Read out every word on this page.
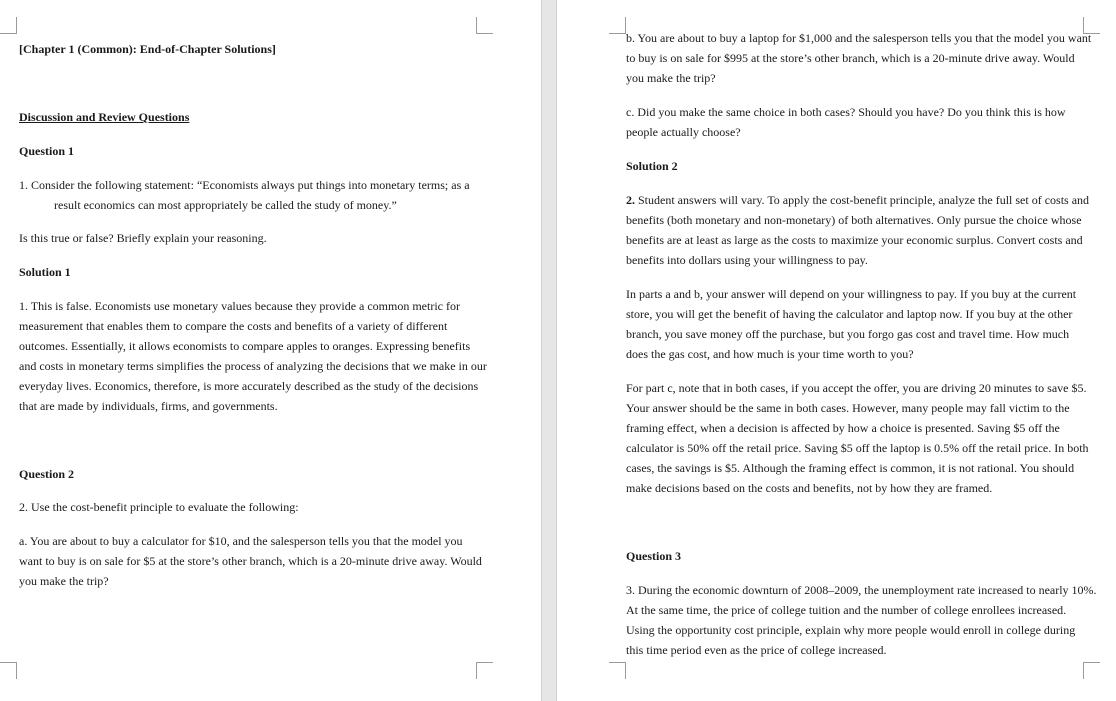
[Chapter 1 (Common): End-of-Chapter Solutions]
Discussion and Review Questions
Question 1
1. Consider the following statement: “Economists always put things into monetary terms; as a
result economics can most appropriately be called the study of money.”
Is this true or false? Briefly explain your reasoning.
Solution 1
1. This is false. Economists use monetary values because they provide a common metric for
measurement that enables them to compare the costs and benefits of a variety of different
outcomes. Essentially, it allows economists to compare apples to oranges. Expressing benefits
and costs in monetary terms simplifies the process of analyzing the decisions that we make in our
everyday lives. Economics, therefore, is more accurately described as the study of the decisions
that are made by individuals, firms, and governments.
Question 2
2. Use the cost-benefit principle to evaluate the following:
a. You are about to buy a calculator for $10, and the salesperson tells you that the model you
want to buy is on sale for $5 at the store’s other branch, which is a 20-minute drive away. Would
you make the trip?
b. You are about to buy a laptop for $1,000 and the salesperson tells you that the model you want
to buy is on sale for $995 at the store’s other branch, which is a 20-minute drive away. Would
you make the trip?
c. Did you make the same choice in both cases? Should you have? Do you think this is how
people actually choose?
Solution 2
2. Student answers will vary. To apply the cost-benefit principle, analyze the full set of costs and
benefits (both monetary and non-monetary) of both alternatives. Only pursue the choice whose
benefits are at least as large as the costs to maximize your economic surplus. Convert costs and
benefits into dollars using your willingness to pay.
In parts a and b, your answer will depend on your willingness to pay. If you buy at the current
store, you will get the benefit of having the calculator and laptop now. If you buy at the other
branch, you save money off the purchase, but you forgo gas cost and travel time. How much
does the gas cost, and how much is your time worth to you?
For part c, note that in both cases, if you accept the offer, you are driving 20 minutes to save $5.
Your answer should be the same in both cases. However, many people may fall victim to the
framing effect, when a decision is affected by how a choice is presented. Saving $5 off the
calculator is 50% off the retail price. Saving $5 off the laptop is 0.5% off the retail price. In both
cases, the savings is $5. Although the framing effect is common, it is not rational. You should
make decisions based on the costs and benefits, not by how they are framed.
Question 3
3. During the economic downturn of 2008–2009, the unemployment rate increased to nearly 10%.
At the same time, the price of college tuition and the number of college enrollees increased.
Using the opportunity cost principle, explain why more people would enroll in college during
this time period even as the price of college increased.
